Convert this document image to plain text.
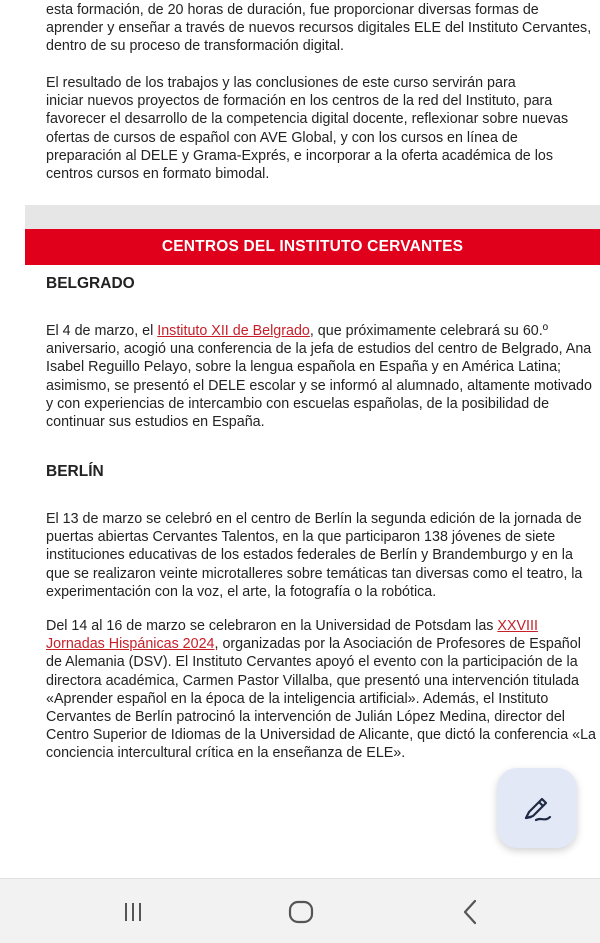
esta formación, de 20 horas de duración, fue proporcionar diversas formas de
aprender y enseñar a través de nuevos recursos digitales ELE del Instituto Cervantes,
dentro de su proceso de transformación digital.
El resultado de los trabajos y las conclusiones de este curso servirán para
iniciar nuevos proyectos de formación en los centros de la red del Instituto, para
favorecer el desarrollo de la competencia digital docente, reflexionar sobre nuevas
ofertas de cursos de español con AVE Global, y con los cursos en línea de
preparación al DELE y Grama-Exprés, e incorporar a la oferta académica de los
centros cursos en formato bimodal.
CENTROS DEL INSTITUTO CERVANTES
BELGRADO
El 4 de marzo, el Instituto XII de Belgrado, que próximamente celebrará su 60.º
aniversario, acogió una conferencia de la jefa de estudios del centro de Belgrado, Ana
Isabel Reguillo Pelayo, sobre la lengua española en España y en América Latina;
asimismo, se presentó el DELE escolar y se informó al alumnado, altamente motivado
y con experiencias de intercambio con escuelas españolas, de la posibilidad de
continuar sus estudios en España.
BERLÍN
El 13 de marzo se celebró en el centro de Berlín la segunda edición de la jornada de
puertas abiertas Cervantes Talentos, en la que participaron 138 jóvenes de siete
instituciones educativas de los estados federales de Berlín y Brandemburgo y en la
que se realizaron veinte microtalleres sobre temáticas tan diversas como el teatro, la
experimentación con la voz, el arte, la fotografía o la robótica.
Del 14 al 16 de marzo se celebraron en la Universidad de Potsdam las XXVIII
Jornadas Hispánicas 2024, organizadas por la Asociación de Profesores de Español
de Alemania (DSV). El Instituto Cervantes apoyó el evento con la participación de la
directora académica, Carmen Pastor Villalba, que presentó una intervención titulada
«Aprender español en la época de la inteligencia artificial». Además, el Instituto
Cervantes de Berlín patrocinó la intervención de Julián López Medina, director del
Centro Superior de Idiomas de la Universidad de Alicante, que dictó la conferencia «La
conciencia intercultural crítica en la enseñanza de ELE».
